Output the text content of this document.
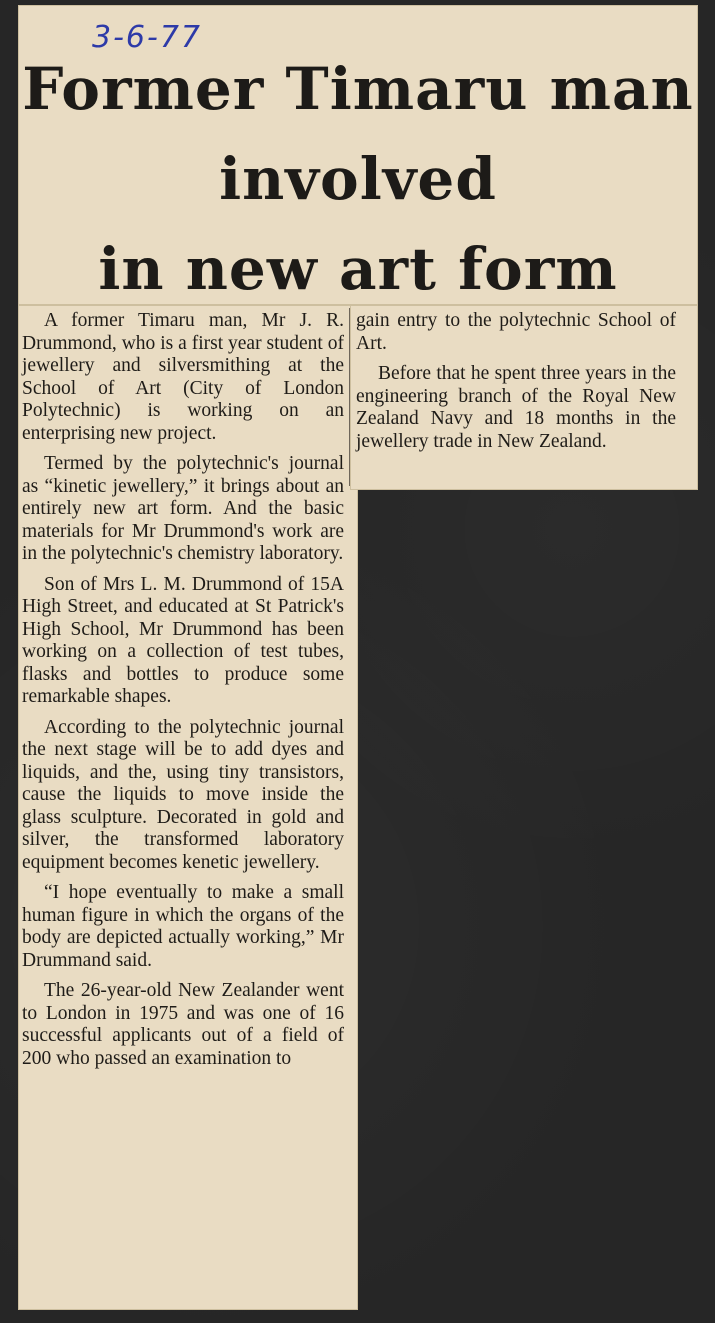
3-6-77
Former Timaru man
involved
in new art form

A former Timaru man, Mr J. R. Drummond, who is a first year student of jewellery and silversmithing at the School of Art (City of London Polytechnic) is working on an enterprising new project.

Termed by the polytechnic's journal as “kinetic jewellery,” it brings about an entirely new art form. And the basic materials for Mr Drummond's work are in the polytechnic's chemistry laboratory.

Son of Mrs L. M. Drummond of 15A High Street, and educated at St Patrick's High School, Mr Drummond has been working on a collection of test tubes, flasks and bottles to produce some remarkable shapes.

According to the polytechnic journal the next stage will be to add dyes and liquids, and the, using tiny transistors, cause the liquids to move inside the glass sculpture. Decorated in gold and silver, the transformed laboratory equipment becomes kenetic jewellery.

“I hope eventually to make a small human figure in which the organs of the body are depicted actually working,” Mr Drummand said.

The 26-year-old New Zealander went to London in 1975 and was one of 16 successful applicants out of a field of 200 who passed an examination to

gain entry to the polytechnic School of Art.

Before that he spent three years in the engineering branch of the Royal New Zealand Navy and 18 months in the jewellery trade in New Zealand.
